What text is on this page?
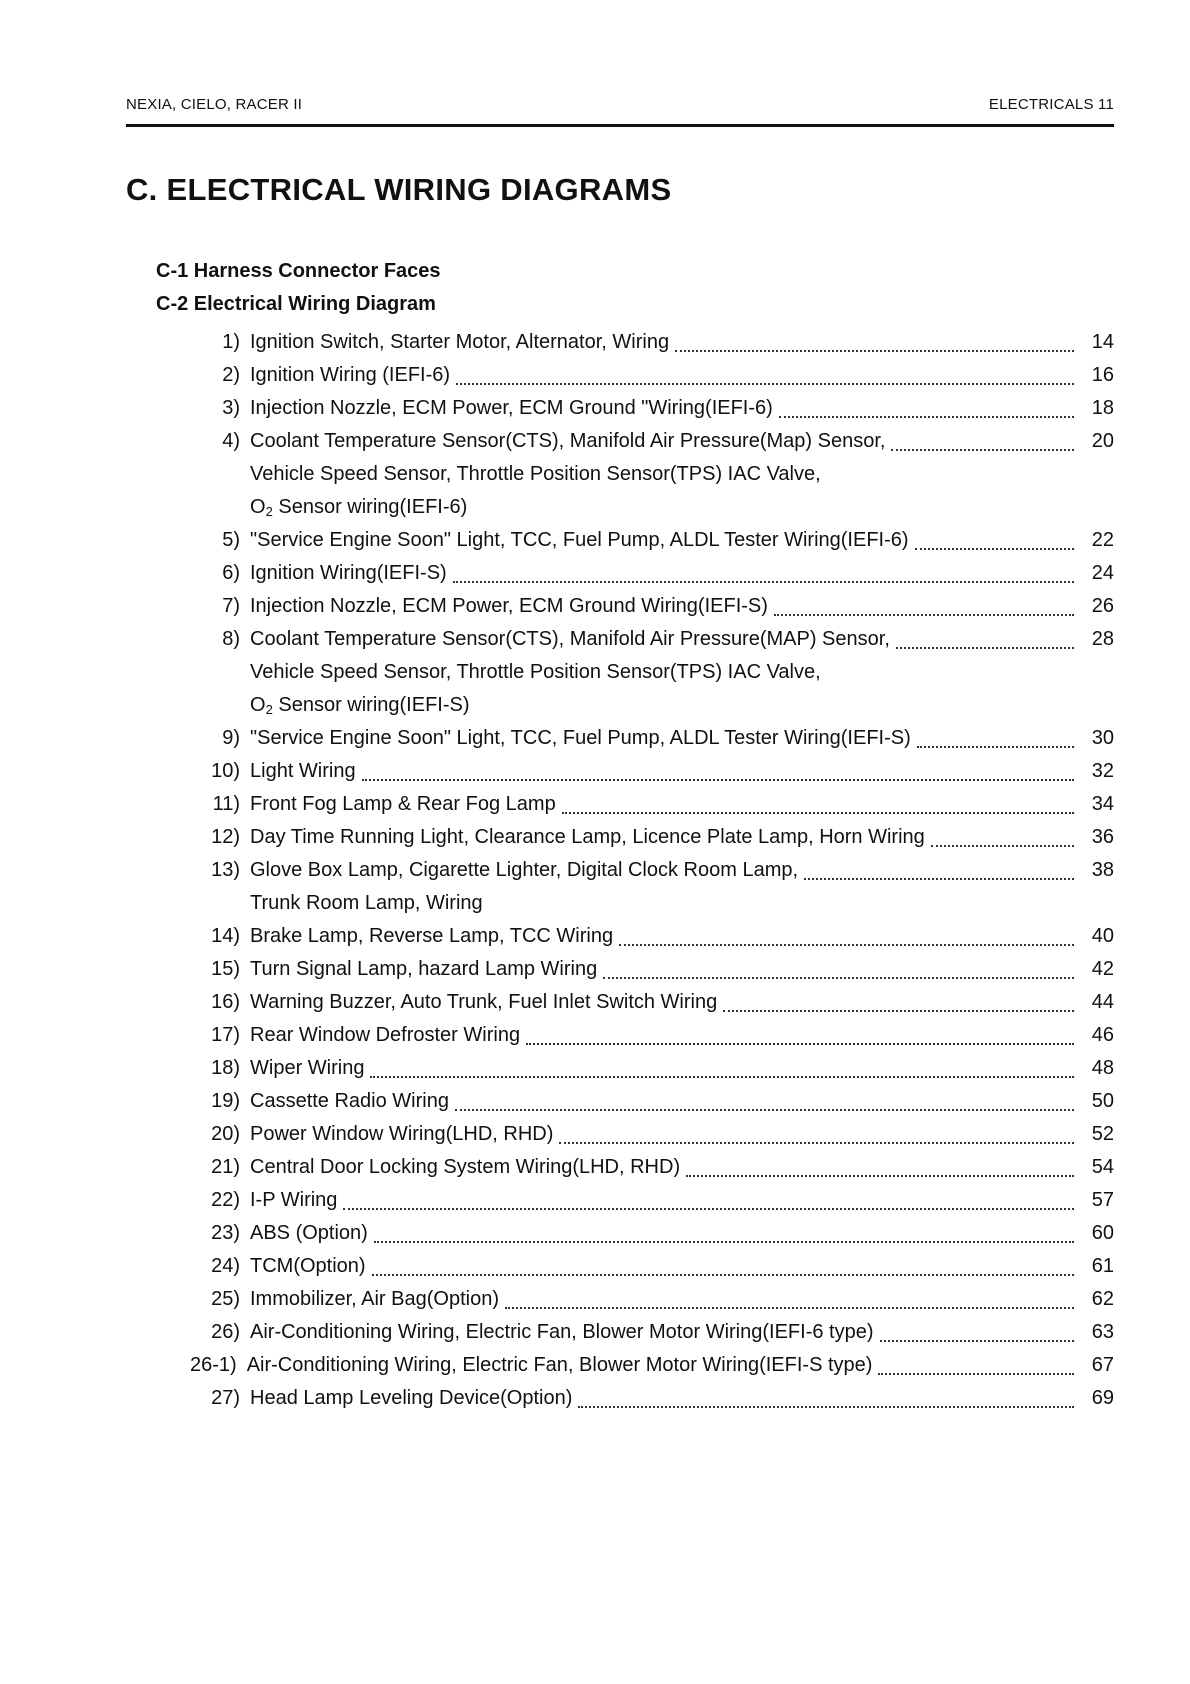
NEXIA, CIELO, RACER II	ELECTRICALS 11
C. ELECTRICAL WIRING DIAGRAMS
C-1 Harness Connector Faces
C-2 Electrical Wiring Diagram
1) Ignition Switch, Starter Motor, Alternator, Wiring	14
2) Ignition Wiring (IEFI-6)	16
3) Injection Nozzle, ECM Power, ECM Ground "Wiring(IEFI-6)	18
4) Coolant Temperature Sensor(CTS), Manifold Air Pressure(Map) Sensor,	20
Vehicle Speed Sensor, Throttle Position Sensor(TPS) IAC Valve,
$O_2$ Sensor wiring(IEFI-6)
5) "Service Engine Soon" Light, TCC, Fuel Pump, ALDL Tester Wiring(IEFI-6)	22
6) Ignition Wiring(IEFI-S)	24
7) Injection Nozzle, ECM Power, ECM Ground Wiring(IEFI-S)	26
8) Coolant Temperature Sensor(CTS), Manifold Air Pressure(MAP) Sensor,	28
Vehicle Speed Sensor, Throttle Position Sensor(TPS) IAC Valve,
$O_2$ Sensor wiring(IEFI-S)
9) "Service Engine Soon" Light, TCC, Fuel Pump, ALDL Tester Wiring(IEFI-S)	30
10) Light Wiring	32
11) Front Fog Lamp & Rear Fog Lamp	34
12) Day Time Running Light, Clearance Lamp, Licence Plate Lamp, Horn Wiring	36
13) Glove Box Lamp, Cigarette Lighter, Digital Clock Room Lamp,	38
Trunk Room Lamp, Wiring
14) Brake Lamp, Reverse Lamp, TCC Wiring	40
15) Turn Signal Lamp, hazard Lamp Wiring	42
16) Warning Buzzer, Auto Trunk, Fuel Inlet Switch Wiring	44
17) Rear Window Defroster Wiring	46
18) Wiper Wiring	48
19) Cassette Radio Wiring	50
20) Power Window Wiring(LHD, RHD)	52
21) Central Door Locking System Wiring(LHD, RHD)	54
22) I-P Wiring	57
23) ABS (Option)	60
24) TCM(Option)	61
25) Immobilizer, Air Bag(Option)	62
26) Air-Conditioning Wiring, Electric Fan, Blower Motor Wiring(IEFI-6 type)	63
26-1) Air-Conditioning Wiring, Electric Fan, Blower Motor Wiring(IEFI-S type)	67
27) Head Lamp Leveling Device(Option)	69
